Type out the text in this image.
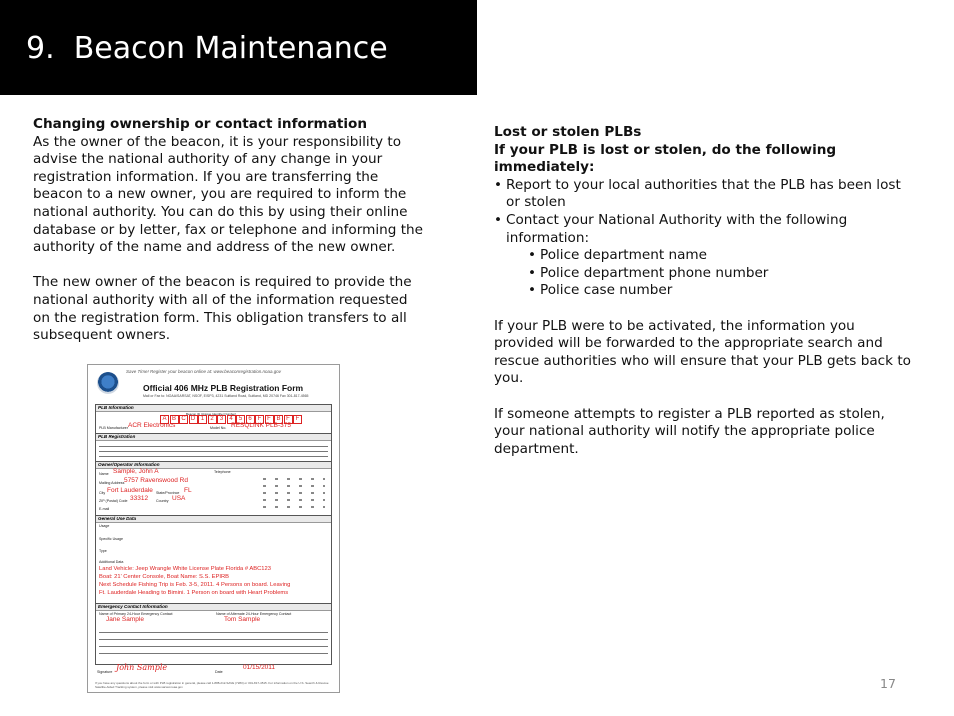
9.  Beacon Maintenance
Changing ownership or contact information
As the owner of the beacon, it is your responsibility to advise the national authority of any change in your registration information. If you are transferring the beacon to a new owner, you are required to inform the national authority. You can do this by using their online database or by letter, fax or telephone and informing the authority of the name and address of the new owner.
The new owner of the beacon is required to provide the national authority with all of the information requested on the registration form. This obligation transfers to all subsequent owners.
Lost or stolen PLBs
If your PLB is lost or stolen, do the following immediately:
• Report to your local authorities that the PLB has been lost or stolen
• Contact your National Authority with the following information:
• Police department name
• Police department phone number
• Police case number
If your PLB were to be activated, the information you provided will be forwarded to the appropriate search and rescue authorities who will ensure that your PLB gets back to you.
If someone attempts to register a PLB reported as stolen, your national authority will notify the appropriate police department.
Save Time! Register your beacon online at: www.beaconregistration.noaa.gov
Official 406 MHz PLB Registration Form
Mail or Fax to: NOAA/SARSAT, NSOF, E/SP3, 4231 Suitland Road, Suitland, MD 20746 Fax 301-817-4565
PLB Information
Beacon ID (Unique Identifier Number)
A B C D 1	2	3	4	5	6 F F B F F
PLB Manufacturer ACR Electronics	Model No. RESQLINK PLB-375
PLB Registration
Owner/Operator Information
Name Sample, John A
Mailing Address 5757 Ravenswood Rd
City Fort Lauderdale State/Province FL
ZIP (Postal) Code 33312 Country USA
E-mail
Telephone
General Use Data
Usage
Specific Usage
Type
Additional Data
Land Vehicle: Jeep Wrangle White License Plate Florida # ABC123
Boat: 21' Center Console, Boat Name: S.S. EPIRB
Next Schedule Fishing Trip is Feb. 3-5, 2011. 4 Persons on board. Leaving
Ft. Lauderdale Heading to Bimini. 1 Person on board with Heart Problems
Emergency Contact Information
Name of Primary 24-Hour Emergency Contact
Jane Sample
Name of Alternate 24-Hour Emergency Contact
Tom Sample
Signature John Sample	Date
01/15/2011
If you have any questions about the form or with PLB registration in general, please call 1-888-212-SAVE (7283) or 301-817-4515. For information on the U.S. Search & Rescue Satellite-Aided Tracking system, please visit www.sarsat.noaa.gov	17
